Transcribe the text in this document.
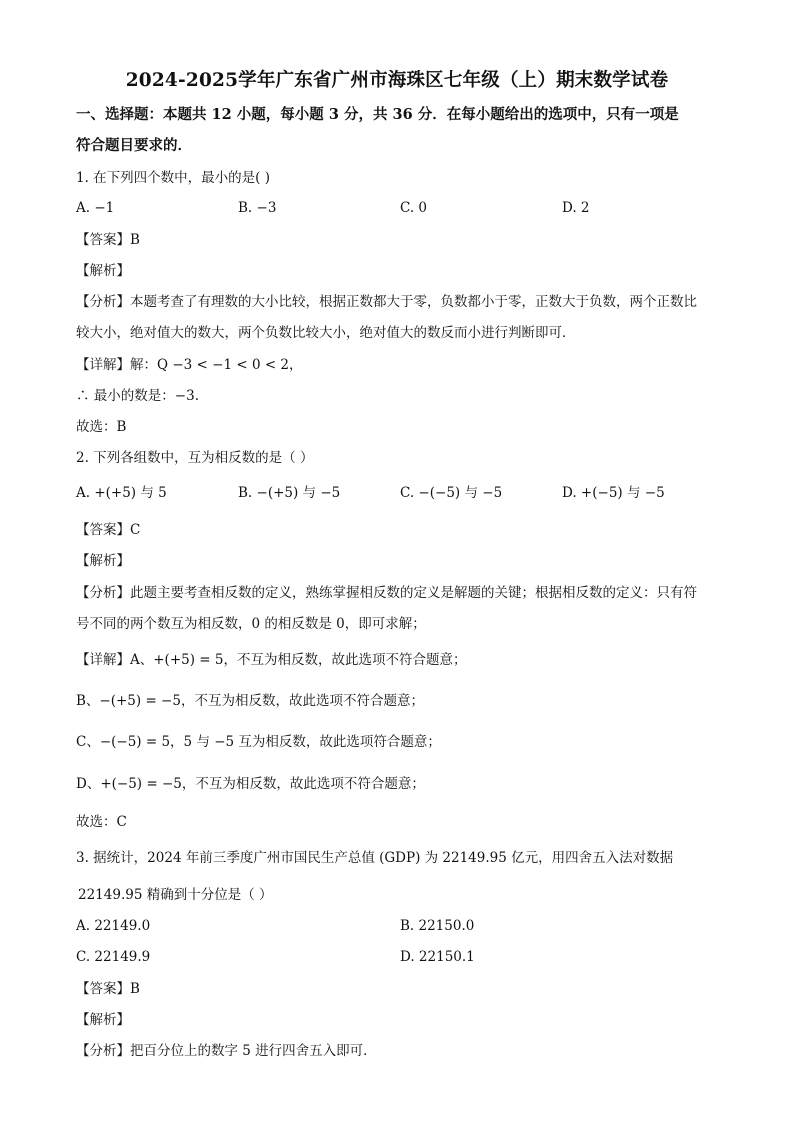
2024-2025学年广东省广州市海珠区七年级（上）期末数学试卷
一、选择题：本题共 12 小题，每小题 3 分，共 36 分．在每小题给出的选项中，只有一项是
符合题目要求的．
1. 在下列四个数中，最小的是( )
A. −1	B. −3	C. 0	D. 2
【答案】B
【解析】
【分析】本题考查了有理数的大小比较，根据正数都大于零，负数都小于零，正数大于负数，两个正数比
较大小，绝对值大的数大，两个负数比较大小，绝对值大的数反而小进行判断即可．
【详解】解：Q −3 < −1 < 0 < 2，
∴ 最小的数是：−3.
故选：B
2. 下列各组数中，互为相反数的是（ ）
A. +(+5) 与 5	B. −(+5) 与 −5	C. −(−5) 与 −5	D. +(−5) 与 −5
【答案】C
【解析】
【分析】此题主要考查相反数的定义，熟练掌握相反数的定义是解题的关键；根据相反数的定义：只有符
号不同的两个数互为相反数，0 的相反数是 0，即可求解；
【详解】A、+(+5) = 5，不互为相反数，故此选项不符合题意；
B、−(+5) = −5，不互为相反数，故此选项不符合题意；
C、−(−5) = 5，5 与 −5 互为相反数，故此选项符合题意；
D、+(−5) = −5，不互为相反数，故此选项不符合题意；
故选：C
3. 据统计，2024 年前三季度广州市国民生产总值 (GDP) 为 22149.95 亿元，用四舍五入法对数据
22149.95 精确到十分位是（ ）
A. 22149.0	B. 22150.0
C. 22149.9	D. 22150.1
【答案】B
【解析】
【分析】把百分位上的数字 5 进行四舍五入即可．
